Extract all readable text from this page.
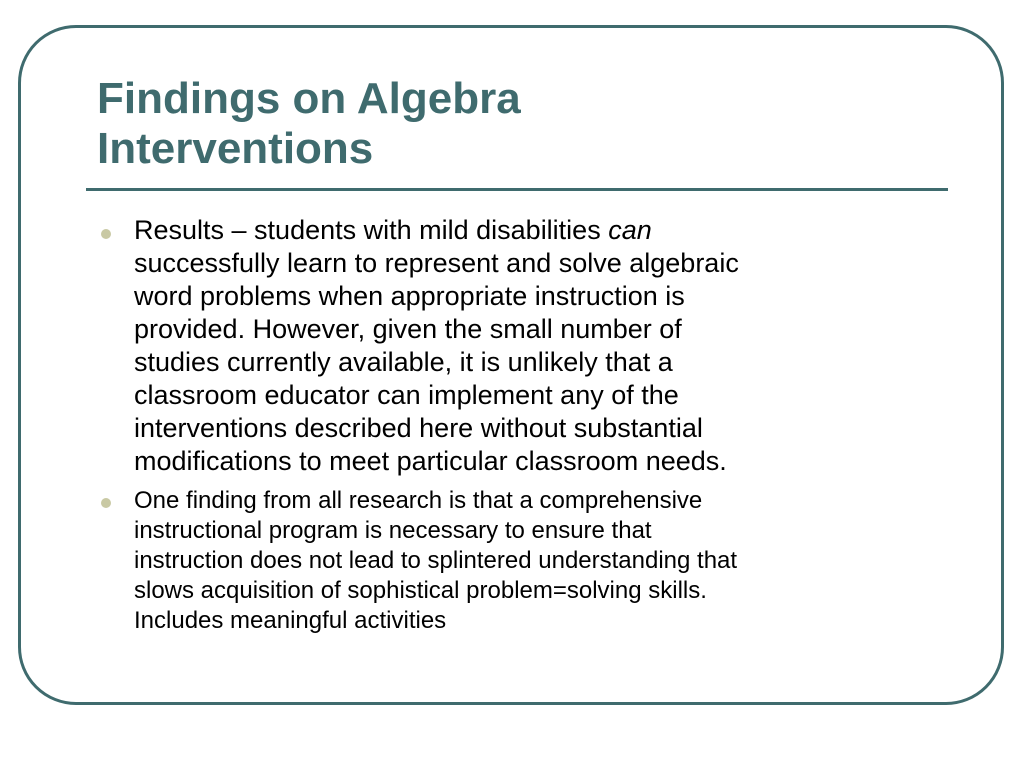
Findings on Algebra
Interventions
Results – students with mild disabilities can
successfully learn to represent and solve algebraic
word problems when appropriate instruction is
provided. However, given the small number of
studies currently available, it is unlikely that a
classroom educator can implement any of the
interventions described here without substantial
modifications to meet particular classroom needs.
One finding from all research is that a comprehensive
instructional program is necessary to ensure that
instruction does not lead to splintered understanding that
slows acquisition of sophistical problem=solving skills.
Includes meaningful activities
